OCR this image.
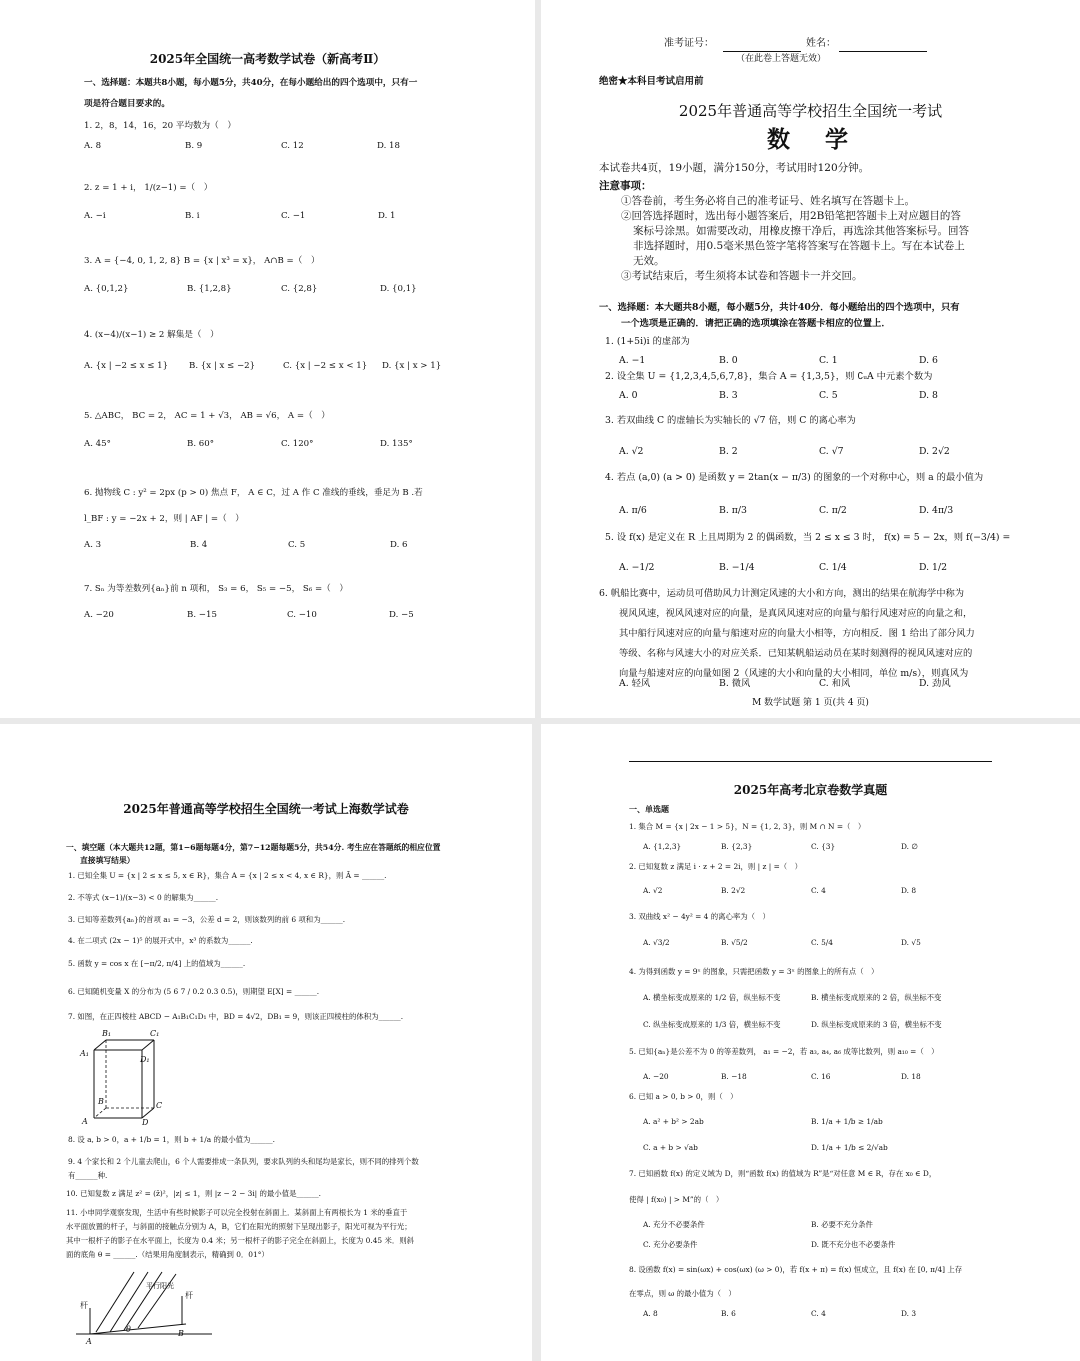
2025年全国统一高考数学试卷（新高考Ⅱ）
一、选择题：本题共8小题，每小题5分，共40分，在每小题给出的四个选项中，只有一
项是符合题目要求的。
1. 2，8，14，16，20 平均数为（　）
A. 8	B. 9	C. 12	D. 18
2. z = 1 + i， 1/(z−1) =（　）
A. −i	B. i	C. −1	D. 1
3. A = {−4, 0, 1, 2, 8} B = {x | x³ = x}， A∩B =（　）
A. {0,1,2}	B. {1,2,8}	C. {2,8}	D. {0,1}
4. (x−4)/(x−1) ≥ 2 解集是（　）
A. {x | −2 ≤ x ≤ 1} B. {x | x ≤ −2}	C. {x | −2 ≤ x < 1} D. {x | x > 1}
5. △ABC， BC = 2， AC = 1 + √3， AB = √6， A =（　）
A. 45°	B. 60°	C. 120°	D. 135°
6. 抛物线 C : y² = 2px (p > 0) 焦点 F， A ∈ C，过 A 作 C 准线的垂线，垂足为 B .若
l_BF : y = −2x + 2，则 | AF | =（　）
A. 3	B. 4	C. 5	D. 6
7. Sₙ 为等差数列{aₙ}前 n 项和， S₃ = 6， S₅ = −5， S₆ =（　）
A. −20	B. −15	C. −10	D. −5
准考证号：	姓名：
（在此卷上答题无效）
绝密★本科目考试启用前
2025年普通高等学校招生全国统一考试
数　学
本试卷共4页，19小题，满分150分，考试用时120分钟。
注意事项：
①答卷前，考生务必将自己的准考证号、姓名填写在答题卡上。
②回答选择题时，选出每小题答案后，用2B铅笔把答题卡上对应题目的答
案标号涂黑。如需要改动，用橡皮擦干净后，再选涂其他答案标号。回答
非选择题时，用0.5毫米黑色签字笔将答案写在答题卡上。写在本试卷上
无效。
③考试结束后，考生须将本试卷和答题卡一并交回。
一、选择题：本大题共8小题，每小题5分，共计40分．每小题给出的四个选项中，只有
一个选项是正确的．请把正确的选项填涂在答题卡相应的位置上．
1. (1+5i)i 的虚部为
A. −1	B. 0	C. 1	D. 6
2. 设全集 U = {1,2,3,4,5,6,7,8}，集合 A = {1,3,5}，则 ∁ᵤA 中元素个数为
A. 0	B. 3	C. 5	D. 8
3. 若双曲线 C 的虚轴长为实轴长的 √7 倍，则 C 的离心率为
A. √2	B. 2	C. √7	D. 2√2
4. 若点 (a,0) (a > 0) 是函数 y = 2tan(x − π/3) 的图象的一个对称中心，则 a 的最小值为
A. π/6	B. π/3	C. π/2	D. 4π/3
5. 设 f(x) 是定义在 R 上且周期为 2 的偶函数，当 2 ≤ x ≤ 3 时， f(x) = 5 − 2x，则 f(−3/4) =
A. −1/2	B. −1/4	C. 1/4	D. 1/2
6. 帆船比赛中，运动员可借助风力计测定风速的大小和方向，测出的结果在航海学中称为
视风风速，视风风速对应的向量，是真风风速对应的向量与船行风速对应的向量之和，
其中船行风速对应的向量与船速对应的向量大小相等，方向相反．图 1 给出了部分风力
等级、名称与风速大小的对应关系．已知某帆船运动员在某时刻测得的视风风速对应的
向量与船速对应的向量如图 2（风速的大小和向量的大小相同，单位 m/s），则真风为
A. 轻风	B. 微风	C. 和风	D. 劲风
M 数学试题 第 1 页(共 4 页)
2025年普通高等学校招生全国统一考试上海数学试卷
一、填空题（本大题共12题，第1−6题每题4分，第7−12题每题5分，共54分. 考生应在答题纸的相应位置
直接填写结果）
1. 已知全集 U = {x | 2 ≤ x ≤ 5, x ∈ R}，集合 A = {x | 2 ≤ x < 4, x ∈ R}，则 Ā = ______.
2. 不等式 (x−1)/(x−3) < 0 的解集为______.
3. 已知等差数列{aₙ}的首项 a₁ = −3，公差 d = 2，则该数列的前 6 项和为______.
4. 在二项式 (2x − 1)⁵ 的展开式中，x³ 的系数为______.
5. 函数 y = cos x 在 [−π/2, π/4] 上的值域为______.
6. 已知随机变量 X 的分布为 (5 6 7 / 0.2 0.3 0.5)，则期望 E[X] = ______.
7. 如图，在正四棱柱 ABCD − A₁B₁C₁D₁ 中，BD = 4√2，DB₁ = 9，则该正四棱柱的体积为______.
B₁	C₁
A₁
D₁
B	C
A	D
8. 设 a, b > 0，a + 1/b = 1，则 b + 1/a 的最小值为______.
9. 4 个家长和 2 个儿童去爬山，6 个人需要排成一条队列，要求队列的头和尾均是家长，则不同的排列个数
有______种.
10. 已知复数 z 满足 z² = (z̄)²，|z| ≤ 1，则 |z − 2 − 3i| 的最小值是______.
11. 小申同学观察发现，生活中有些时候影子可以完全投射在斜面上．某斜面上有两根长为 1 米的垂直于
水平面放置的杆子，与斜面的接触点分别为 A，B，它们在阳光的照射下呈现出影子，阳光可视为平行光；
其中一根杆子的影子在水平面上，长度为 0.4 米；另一根杆子的影子完全在斜面上，长度为 0.45 米．则斜
面的底角 θ = ______.（结果用角度制表示，精确到 0．01°）
杆
杆
平行阳光
A
θ	B
2025年高考北京卷数学真题
一、单选题
1. 集合 M = {x | 2x − 1 > 5}，N = {1, 2, 3}，则 M ∩ N =（　）
A. {1,2,3}	B. {2,3}	C. {3}	D. ∅
2. 已知复数 z 满足 i · z + 2 = 2i，则 | z | =（　）
A. √2	B. 2√2	C. 4	D. 8
3. 双曲线 x² − 4y² = 4 的离心率为（　）
A. √3/2	B. √5/2	C. 5/4	D. √5
4. 为得到函数 y = 9ˣ 的图象，只需把函数 y = 3ˣ 的图象上的所有点（　）
A. 横坐标变成原来的 1/2 倍，纵坐标不变	B. 横坐标变成原来的 2 倍，纵坐标不变
C. 纵坐标变成原来的 1/3 倍，横坐标不变	D. 纵坐标变成原来的 3 倍，横坐标不变
5. 已知{aₙ}是公差不为 0 的等差数列， a₁ = −2，若 a₃, a₄, a₆ 成等比数列，则 a₁₀ =（　）
A. −20	B. −18	C. 16	D. 18
6. 已知 a > 0, b > 0，则（　）
A. a² + b² > 2ab	B. 1/a + 1/b ≥ 1/ab
C. a + b > √ab	D. 1/a + 1/b ≤ 2/√ab
7. 已知函数 f(x) 的定义域为 D，则“函数 f(x) 的值域为 R”是“对任意 M ∈ R，存在 x₀ ∈ D，
使得 | f(x₀) | > M”的（　）
A. 充分不必要条件	B. 必要不充分条件
C. 充分必要条件	D. 既不充分也不必要条件
8. 设函数 f(x) = sin(ωx) + cos(ωx) (ω > 0)，若 f(x + π) = f(x) 恒成立，且 f(x) 在 [0, π/4] 上存
在零点，则 ω 的最小值为（　）
A. 8	B. 6	C. 4	D. 3
